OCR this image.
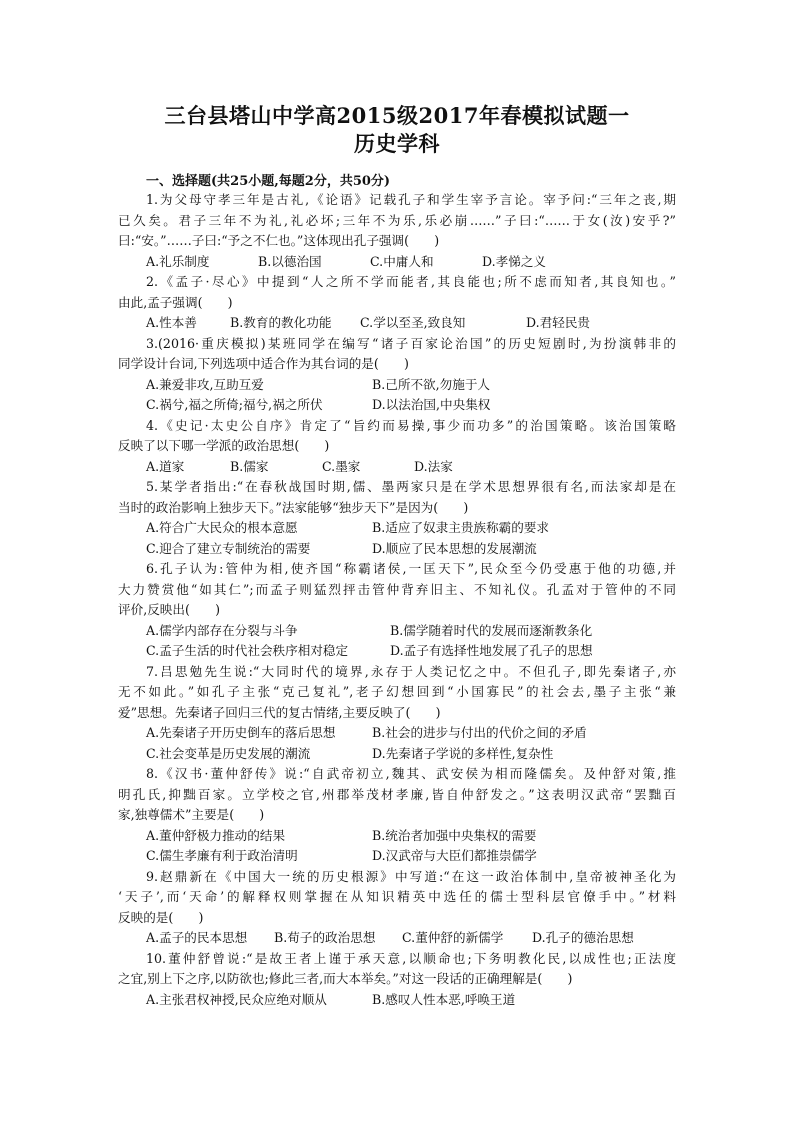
三台县塔山中学高2015级2017年春模拟试题一
历史学科
一、选择题(共25小题,每题2分，共50分)

1.为父母守孝三年是古礼,《论语》记载孔子和学生宰予言论。宰予问:“三年之丧,期

已久矣。君子三年不为礼,礼必坏;三年不为乐,乐必崩……”子曰:“……于女(汝)安乎?”

曰:“安。”……子曰:“予之不仁也。”这体现出孔子强调(　　)

A.礼乐制度	B.以德治国	C.中庸人和	D.孝悌之义

2.《孟子·尽心》中提到“人之所不学而能者,其良能也;所不虑而知者,其良知也。”

由此,孟子强调(　　)

A.性本善	B.教育的教化功能	C.学以至圣,致良知	D.君轻民贵

3.(2016·重庆模拟)某班同学在编写“诸子百家论治国”的历史短剧时,为扮演韩非的

同学设计台词,下列选项中适合作为其台词的是(　　)

A.兼爱非攻,互助互爱	B.己所不欲,勿施于人
C.祸兮,福之所倚;福兮,祸之所伏	D.以法治国,中央集权

4.《史记·太史公自序》肯定了“旨约而易操,事少而功多”的治国策略。该治国策略

反映了以下哪一学派的政治思想(　　)

A.道家	B.儒家	C.墨家	D.法家

5.某学者指出:“在春秋战国时期,儒、墨两家只是在学术思想界很有名,而法家却是在

当时的政治影响上独步天下。”法家能够“独步天下”是因为(　　)

A.符合广大民众的根本意愿	B.适应了奴隶主贵族称霸的要求
C.迎合了建立专制统治的需要	D.顺应了民本思想的发展潮流

6.孔子认为:管仲为相,使齐国“称霸诸侯,一匡天下”,民众至今仍受惠于他的功德,并

大力赞赏他“如其仁”;而孟子则猛烈抨击管仲背弃旧主、不知礼仪。孔孟对于管仲的不同

评价,反映出(　　)

A.儒学内部存在分裂与斗争	B.儒学随着时代的发展而逐渐教条化
C.孟子生活的时代社会秩序相对稳定	D.孟子有选择性地发展了孔子的思想

7.吕思勉先生说:“大同时代的境界,永存于人类记忆之中。不但孔子,即先秦诸子,亦

无不如此。”如孔子主张“克己复礼”,老子幻想回到“小国寡民”的社会去,墨子主张“兼

爱”思想。先秦诸子回归三代的复古情绪,主要反映了(　　)

A.先秦诸子开历史倒车的落后思想	B.社会的进步与付出的代价之间的矛盾
C.社会变革是历史发展的潮流	D.先秦诸子学说的多样性,复杂性

8.《汉书·董仲舒传》说:“自武帝初立,魏其、武安侯为相而隆儒矣。及仲舒对策,推

明孔氏,抑黜百家。立学校之官,州郡举茂材孝廉,皆自仲舒发之。”这表明汉武帝“罢黜百

家,独尊儒术”主要是(　　)

A.董仲舒极力推动的结果	B.统治者加强中央集权的需要
C.儒生孝廉有利于政治清明	D.汉武帝与大臣们都推崇儒学

9.赵鼎新在《中国大一统的历史根源》中写道:“在这一政治体制中,皇帝被神圣化为

‘天子’,而‘天命’的解释权则掌握在从知识精英中选任的儒士型科层官僚手中。”材料

反映的是(　　)

A.孟子的民本思想	B.荀子的政治思想	C.董仲舒的新儒学	D.孔子的德治思想

10.董仲舒曾说:“是故王者上谨于承天意,以顺命也;下务明教化民,以成性也;正法度

之宜,别上下之序,以防欲也;修此三者,而大本举矣。”对这一段话的正确理解是(　　)

A.主张君权神授,民众应绝对顺从	B.感叹人性本恶,呼唤王道
